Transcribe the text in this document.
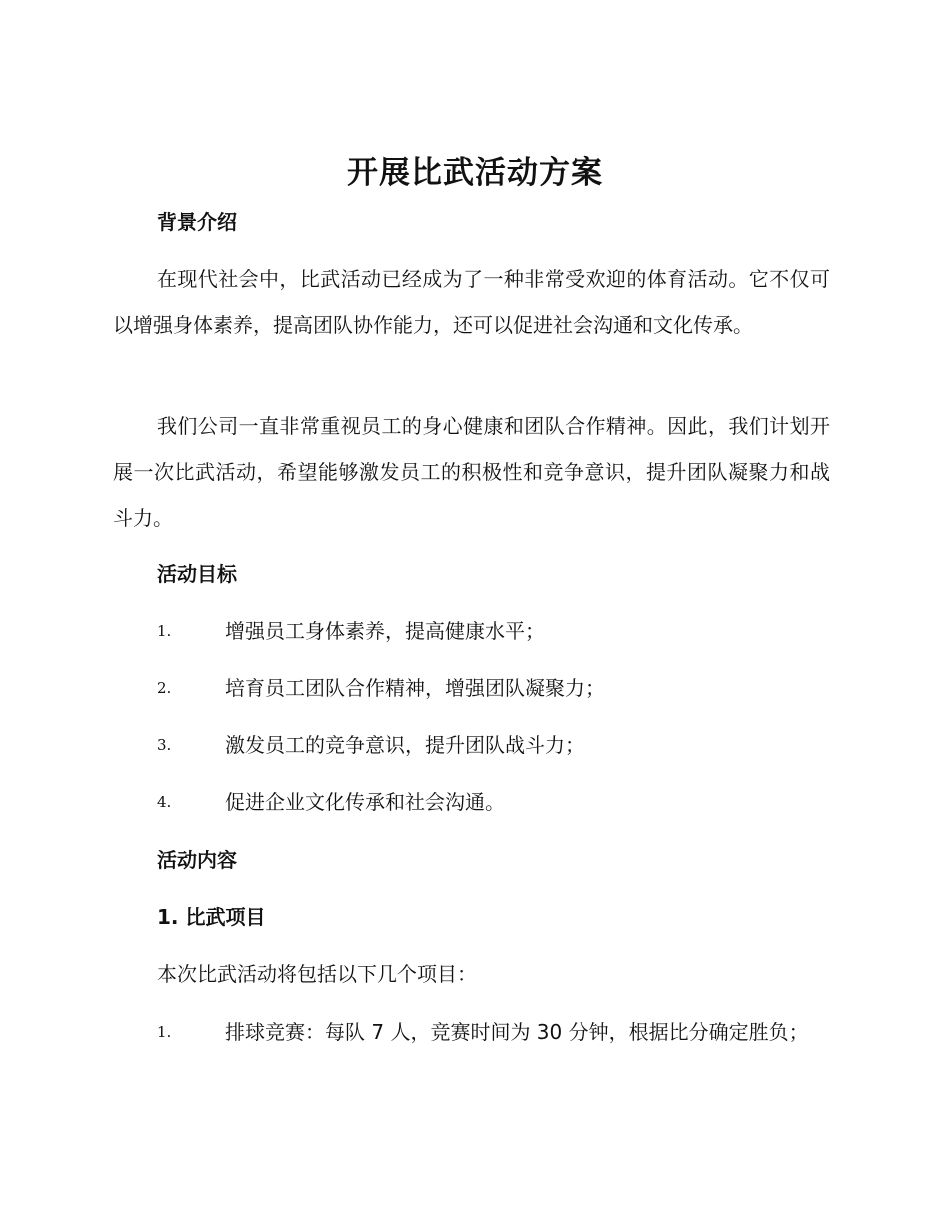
开展比武活动方案
背景介绍
在现代社会中，比武活动已经成为了一种非常受欢迎的体育活动。它不仅可以增强身体素养，提高团队协作能力，还可以促进社会沟通和文化传承。
我们公司一直非常重视员工的身心健康和团队合作精神。因此，我们计划开展一次比武活动，希望能够激发员工的积极性和竞争意识，提升团队凝聚力和战斗力。
活动目标
1.	增强员工身体素养，提高健康水平；
2.	培育员工团队合作精神，增强团队凝聚力；
3.	激发员工的竞争意识，提升团队战斗力；
4.	促进企业文化传承和社会沟通。
活动内容
1. 比武项目
本次比武活动将包括以下几个项目：
1.	排球竞赛：每队 7 人，竞赛时间为 30 分钟，根据比分确定胜负；
